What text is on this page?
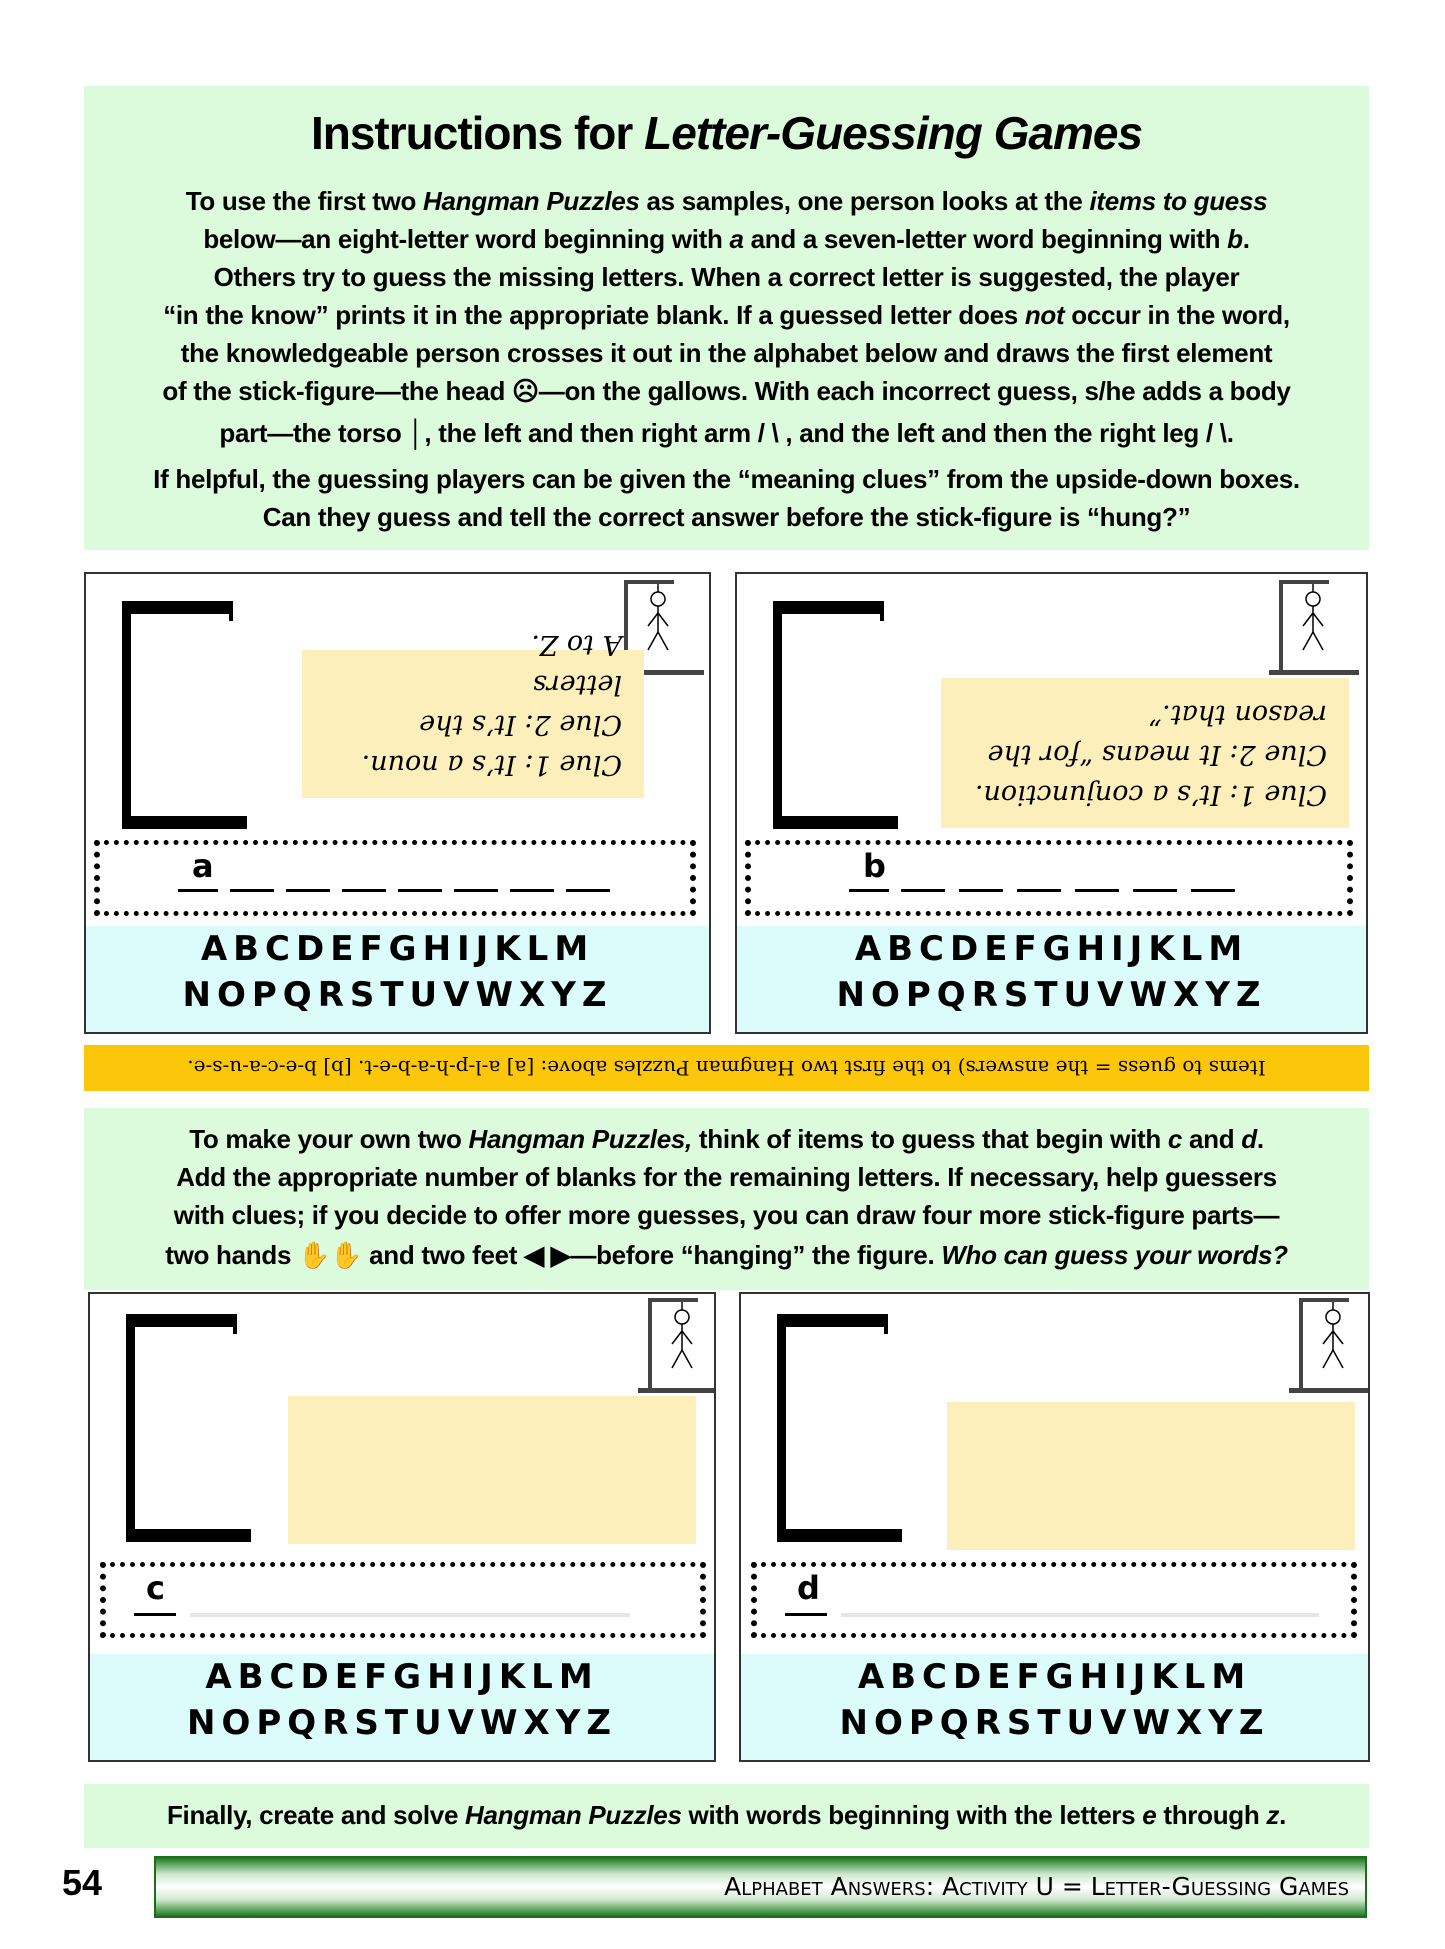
Instructions for Letter-Guessing Games
To use the first two Hangman Puzzles as samples, one person looks at the items to guess
below—an eight-letter word beginning with a and a seven-letter word beginning with b.
Others try to guess the missing letters. When a correct letter is suggested, the player
“in the know” prints it in the appropriate blank. If a guessed letter does not occur in the word,
the knowledgeable person crosses it out in the alphabet below and draws the first element
of the stick-figure—the head ☹—on the gallows. With each incorrect guess, s/he adds a body
part—the torso │, the left and then right arm / \ , and the left and then the right leg / \.
If helpful, the guessing players can be given the “meaning clues” from the upside-down boxes.
Can they guess and tell the correct answer before the stick-figure is “hung?”
Clue 1: It’s a noun.
Clue 2: It’s the letters
A to Z.
a
ABCDEFGHIJKLM
NOPQRSTUVWXYZ
Clue 1: It’s a conjunction.
Clue 2: It means “for the
reason that.”
b
ABCDEFGHIJKLM
NOPQRSTUVWXYZ
Items to guess = the answers) to the first two Hangman Puzzles above: [a] a-l-p-h-a-b-e-t. [b] b-e-c-a-u-s-e.
To make your own two Hangman Puzzles, think of items to guess that begin with c and d.
Add the appropriate number of blanks for the remaining letters. If necessary, help guessers
with clues; if you decide to offer more guesses, you can draw four more stick-figure parts—
two hands ✋✋ and two feet ◀ ▶—before “hanging” the figure. Who can guess your words?
c
ABCDEFGHIJKLM
NOPQRSTUVWXYZ
d
ABCDEFGHIJKLM
NOPQRSTUVWXYZ
Finally, create and solve Hangman Puzzles with words beginning with the letters e through z.
54	Alphabet Answers: Activity U = Letter-Guessing Games
